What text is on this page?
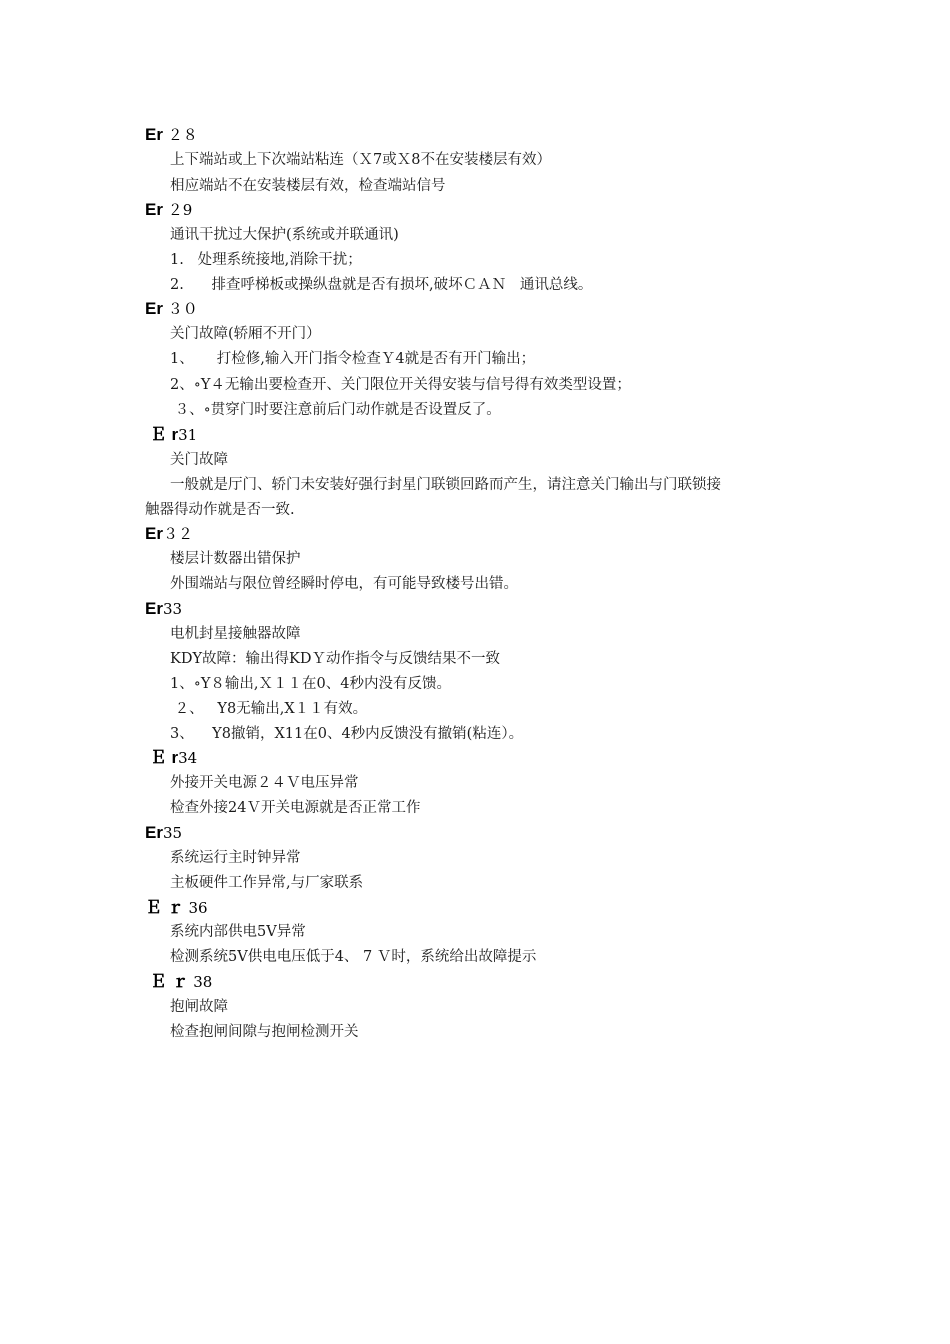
Er ２８
上下端站或上下次端站粘连（Ｘ7或Ｘ8不在安装楼层有效）
相应端站不在安装楼层有效，检查端站信号
Er ２9
通讯干扰过大保护(系统或并联通讯)
1.   处理系统接地,消除干扰；
2.      排查呼梯板或操纵盘就是否有损坏,破坏ＣＡＮ   通讯总线。
Er ３０
关门故障(轿厢不开门）
1、     打检修,输入开门指令检查Ｙ4就是否有开门输出；
2、∘Y４无输出要检查开、关门限位开关得安装与信号得有效类型设置；
３、∘贯穿门时要注意前后门动作就是否设置反了。
Ｅ r31
关门故障
一般就是厅门、轿门未安装好强行封星门联锁回路而产生，请注意关门输出与门联锁接
触器得动作就是否一致.
Er３２
楼层计数器出错保护
外围端站与限位曾经瞬时停电，有可能导致楼号出错。
Er33
电机封星接触器故障
KDY故障：输出得KDＹ动作指令与反馈结果不一致
1、∘Y８输出,Ｘ１１在0、4秒内没有反馈。
２、   Y8无输出,X１１有效。
3、    Y8撤销，X11在0、4秒内反馈没有撤销(粘连）。
Ｅ r34
外接开关电源２４Ｖ电压异常
检查外接24Ｖ开关电源就是否正常工作
Er35
系统运行主时钟异常
主板硬件工作异常,与厂家联系
Ｅ ｒ 36
系统内部供电5V异常
检测系统5V供电电压低于4、 7 Ｖ时，系统给出故障提示
Ｅ ｒ 38
抱闸故障
检查抱闸间隙与抱闸检测开关
